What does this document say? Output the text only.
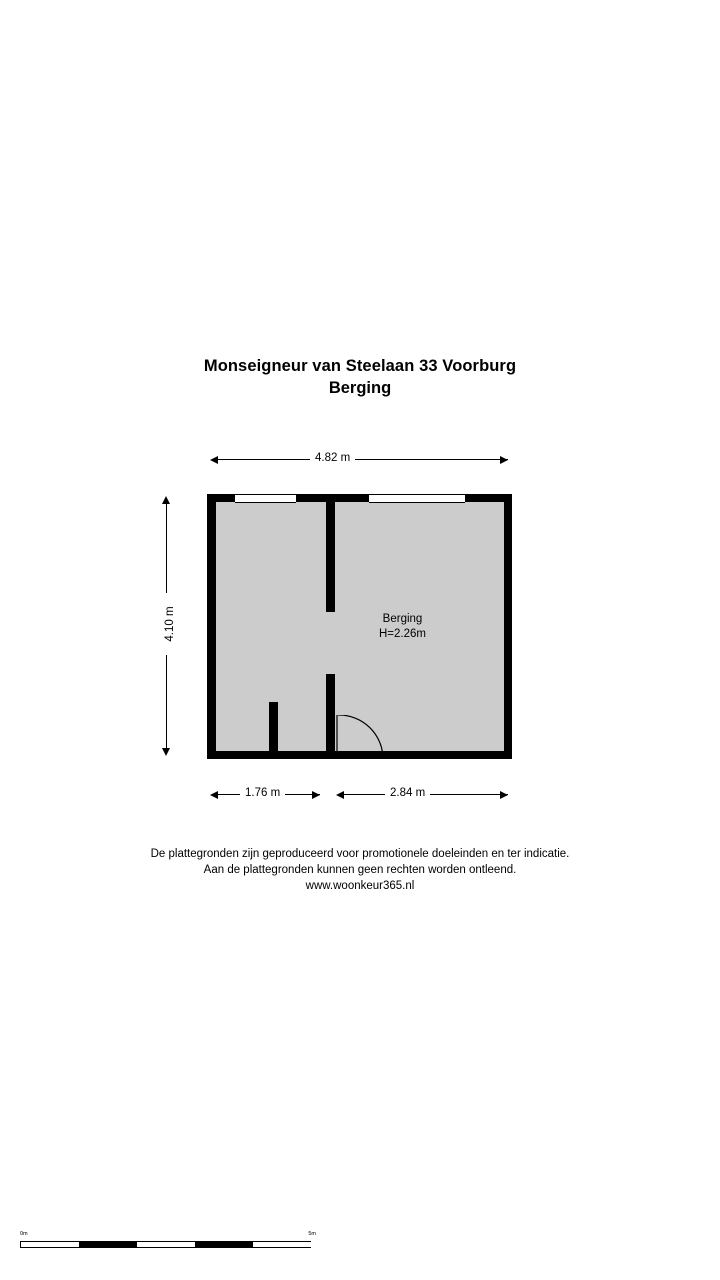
Monseigneur van Steelaan 33 Voorburg
Berging
Berging
H=2.26m
4.82 m
4.10 m
1.76 m	2.84 m
De plattegronden zijn geproduceerd voor promotionele doeleinden en ter indicatie.
Aan de plattegronden kunnen geen rechten worden ontleend.
www.woonkeur365.nl
0m	5m
